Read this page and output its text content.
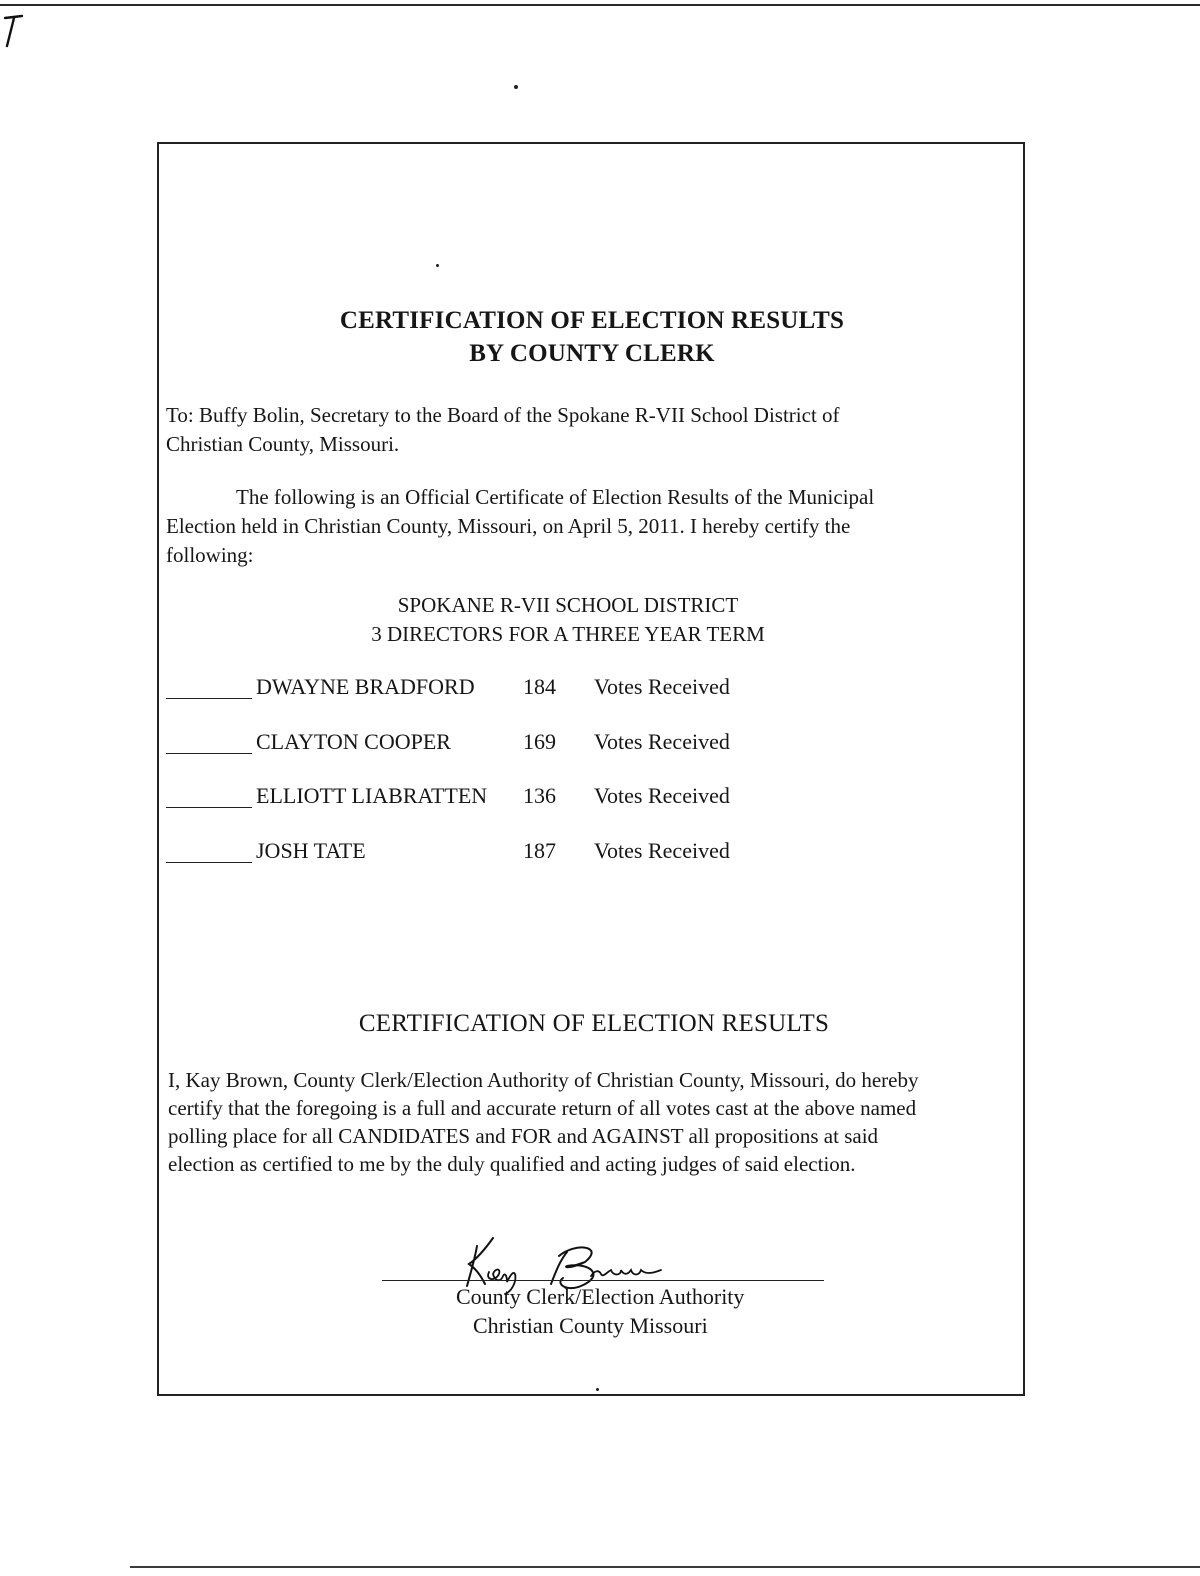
CERTIFICATION OF ELECTION RESULTS
BY COUNTY CLERK
To: Buffy Bolin, Secretary to the Board of the Spokane R-VII School District of
Christian County, Missouri.
The following is an Official Certificate of Election Results of the Municipal
Election held in Christian County, Missouri, on April 5, 2011. I hereby certify the
following:
SPOKANE R-VII SCHOOL DISTRICT
3 DIRECTORS FOR A THREE YEAR TERM
DWAYNE BRADFORD 184 Votes Received
CLAYTON COOPER	169 Votes Received
ELLIOTT LIABRATTEN 136 Votes Received
JOSH TATE	187 Votes Received
CERTIFICATION OF ELECTION RESULTS
I, Kay Brown, County Clerk/Election Authority of Christian County, Missouri, do hereby
certify that the foregoing is a full and accurate return of all votes cast at the above named
polling place for all CANDIDATES and FOR and AGAINST all propositions at said
election as certified to me by the duly qualified and acting judges of said election.
County Clerk/Election Authority
Christian County Missouri
